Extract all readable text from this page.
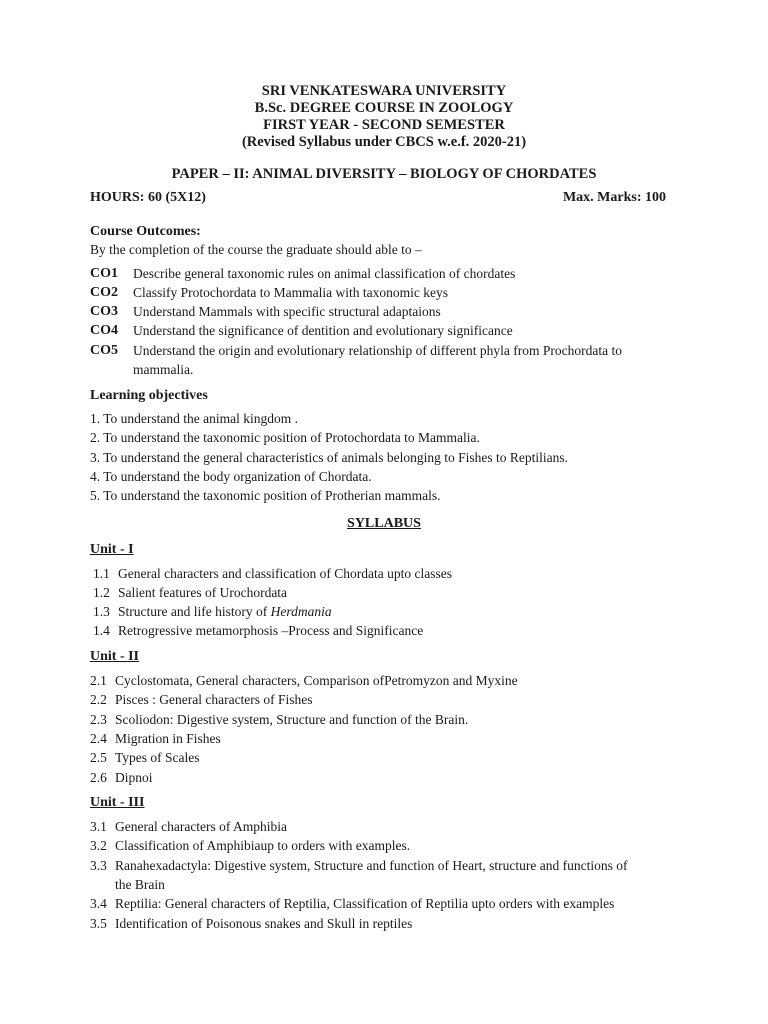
SRI VENKATESWARA UNIVERSITY
B.Sc. DEGREE COURSE IN ZOOLOGY
FIRST YEAR - SECOND SEMESTER
(Revised Syllabus under CBCS w.e.f. 2020-21)
PAPER – II: ANIMAL DIVERSITY – BIOLOGY OF CHORDATES
HOURS: 60 (5X12)	Max. Marks: 100
Course Outcomes:
By the completion of the course the graduate should able to –
CO1 Describe general taxonomic rules on animal classification of chordates
CO2 Classify Protochordata to Mammalia with taxonomic keys
CO3 Understand Mammals with specific structural adaptaions
CO4 Understand the significance of dentition and evolutionary significance
CO5 Understand the origin and evolutionary relationship of different phyla from Prochordata to
mammalia.
Learning objectives
1. To understand the animal kingdom .
2. To understand the taxonomic position of Protochordata to Mammalia.
3. To understand the general characteristics of animals belonging to Fishes to Reptilians.
4. To understand the body organization of Chordata.
5. To understand the taxonomic position of Protherian mammals.
SYLLABUS
Unit - I
1.1 General characters and classification of Chordata upto classes
1.2 Salient features of Urochordata
1.3 Structure and life history of Herdmania
1.4 Retrogressive metamorphosis –Process and Significance
Unit - II
2.1 Cyclostomata, General characters, Comparison ofPetromyzon and Myxine
2.2 Pisces : General characters of Fishes
2.3 Scoliodon: Digestive system, Structure and function of the Brain.
2.4 Migration in Fishes
2.5 Types of Scales
2.6 Dipnoi
Unit - III
3.1 General characters of Amphibia
3.2 Classification of Amphibiaup to orders with examples.
3.3 Ranahexadactyla: Digestive system, Structure and function of Heart, structure and functions of
the Brain
3.4 Reptilia: General characters of Reptilia, Classification of Reptilia upto orders with examples
3.5 Identification of Poisonous snakes and Skull in reptiles
